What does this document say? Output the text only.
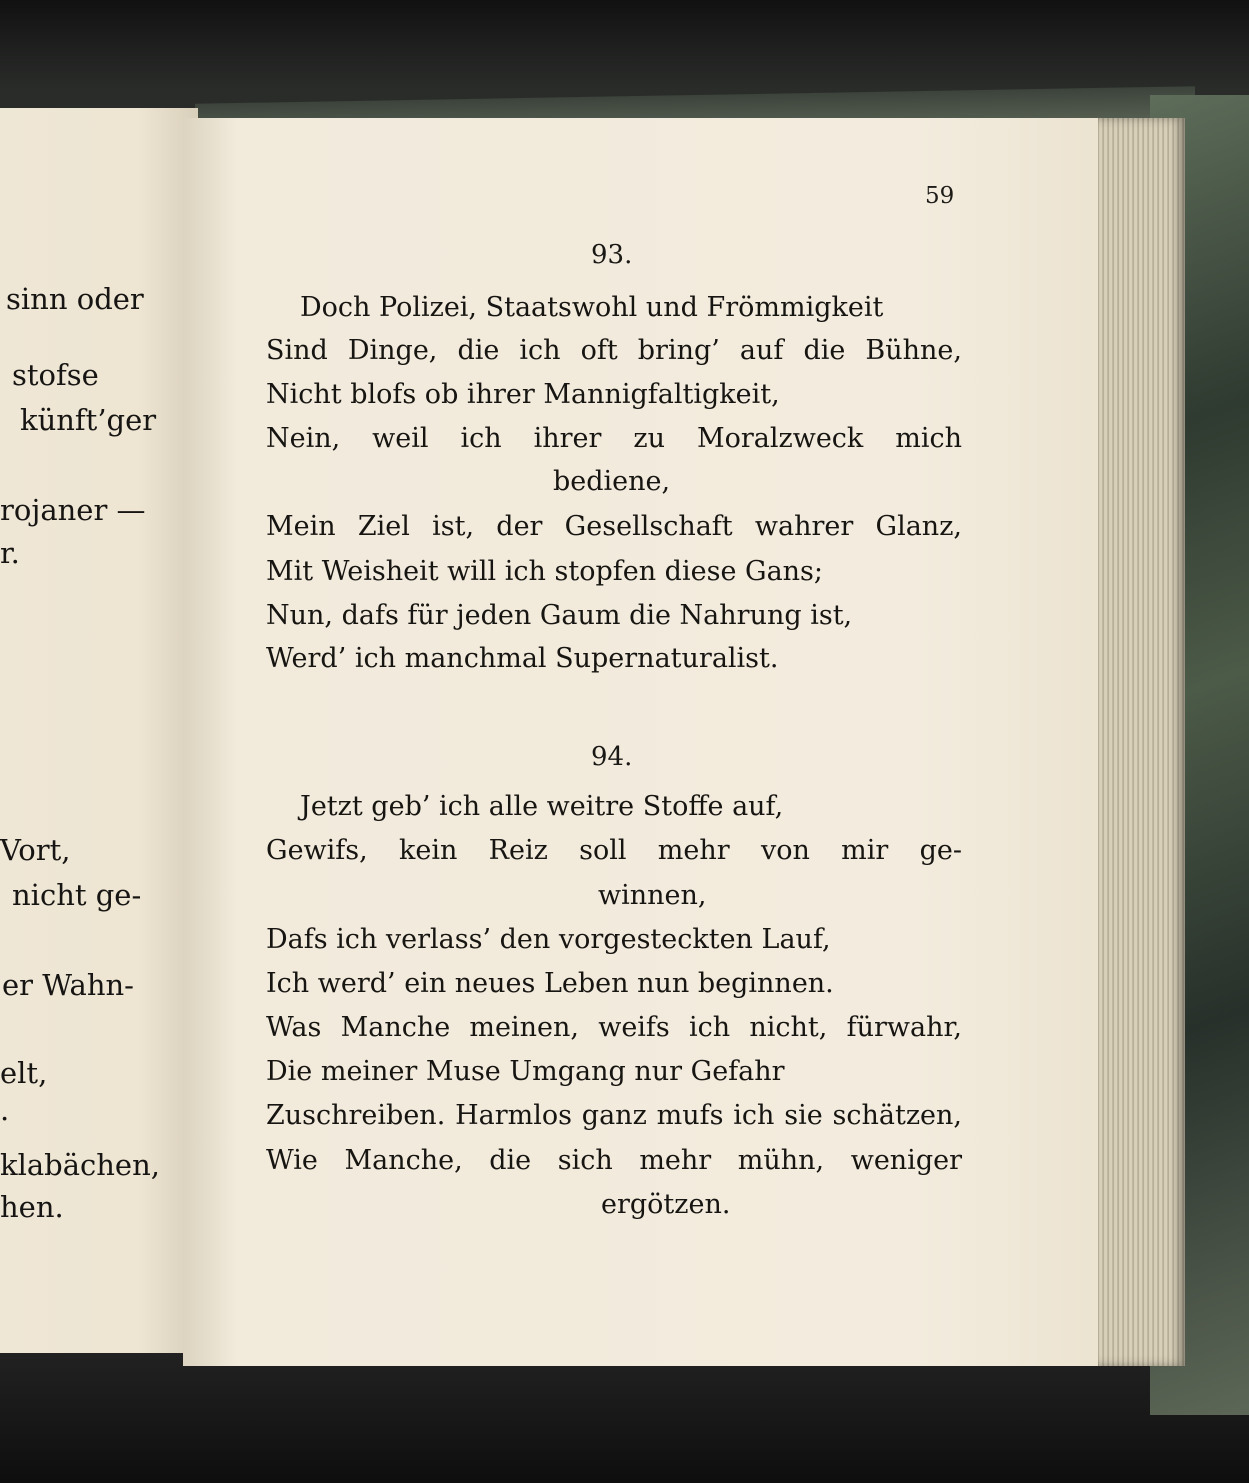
sinn oder
stofse
künft’ger
rojaner —
r.
Vort,
nicht ge-
er Wahn-
elt,
.
klabächen,
hen.
59
93.
Doch Polizei, Staatswohl und Frömmigkeit
Sind Dinge, die ich oft bring’ auf die Bühne,
Nicht blofs ob ihrer Mannigfaltigkeit,
Nein, weil ich ihrer zu Moralzweck mich
bediene,
Mein Ziel ist, der Gesellschaft wahrer Glanz,
Mit Weisheit will ich stopfen diese Gans;
Nun, dafs für jeden Gaum die Nahrung ist,
Werd’ ich manchmal Supernaturalist.
94.
Jetzt geb’ ich alle weitre Stoffe auf,
Gewifs, kein Reiz soll mehr von mir ge-
winnen,
Dafs ich verlass’ den vorgesteckten Lauf,
Ich werd’ ein neues Leben nun beginnen.
Was Manche meinen, weifs ich nicht, fürwahr,
Die meiner Muse Umgang nur Gefahr
Zuschreiben. Harmlos ganz mufs ich sie schätzen,
Wie Manche, die sich mehr mühn, weniger
ergötzen.
